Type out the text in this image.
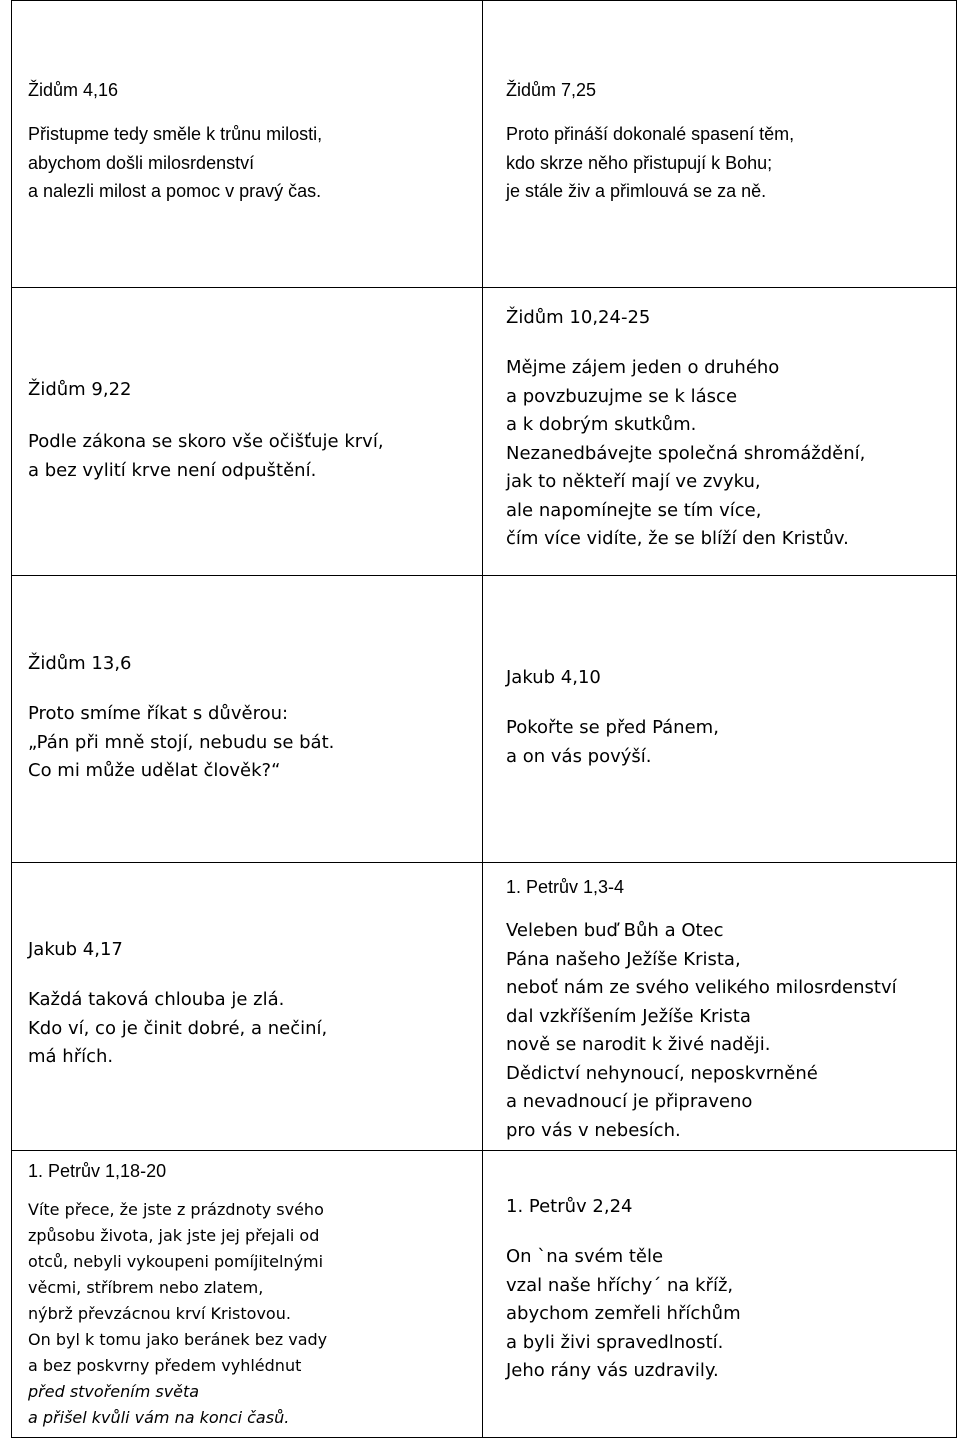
Židům 4,16

Přistupme tedy směle k trůnu milosti,
abychom došli milosrdenství
a nalezli milost a pomoc v pravý čas.

Židům 7,25

Proto přináší dokonalé spasení těm,
kdo skrze něho přistupují k Bohu;
je stále živ a přimlouvá se za ně.

Židům 9,22

Podle zákona se skoro vše očišťuje krví,
a bez vylití krve není odpuštění.

Židům 10,24-25

Mějme zájem jeden o druhého
a povzbuzujme se k lásce
a k dobrým skutkům.
Nezanedbávejte společná shromáždění,
jak to někteří mají ve zvyku,
ale napomínejte se tím více,
čím více vidíte, že se blíží den Kristův.

Židům 13,6

Proto smíme říkat s důvěrou:
„Pán při mně stojí, nebudu se bát.
Co mi může udělat člověk?“

Jakub 4,10

Pokořte se před Pánem,
a on vás povýší.

Jakub 4,17

Každá taková chlouba je zlá.
Kdo ví, co je činit dobré, a nečiní,
má hřích.

1. Petrův 1,3-4

Veleben buď Bůh a Otec
Pána našeho Ježíše Krista,
neboť nám ze svého velikého milosrdenství
dal vzkříšením Ježíše Krista
nově se narodit k živé naději.
Dědictví nehynoucí, neposkvrněné
a nevadnoucí je připraveno
pro vás v nebesích.

1. Petrův 1,18-20

Víte přece, že jste z prázdnoty svého
způsobu života, jak jste jej přejali od
otců, nebyli vykoupeni pomíjitelnými
věcmi, stříbrem nebo zlatem,
nýbrž převzácnou krví Kristovou.
On byl k tomu jako beránek bez vady
a bez poskvrny předem vyhlédnut
před stvořením světa
a přišel kvůli vám na konci časů.

1. Petrův 2,24

On `na svém těle
vzal naše hříchy´ na kříž,
abychom zemřeli hříchům
a byli živi spravedlností.
Jeho rány vás uzdravily.
